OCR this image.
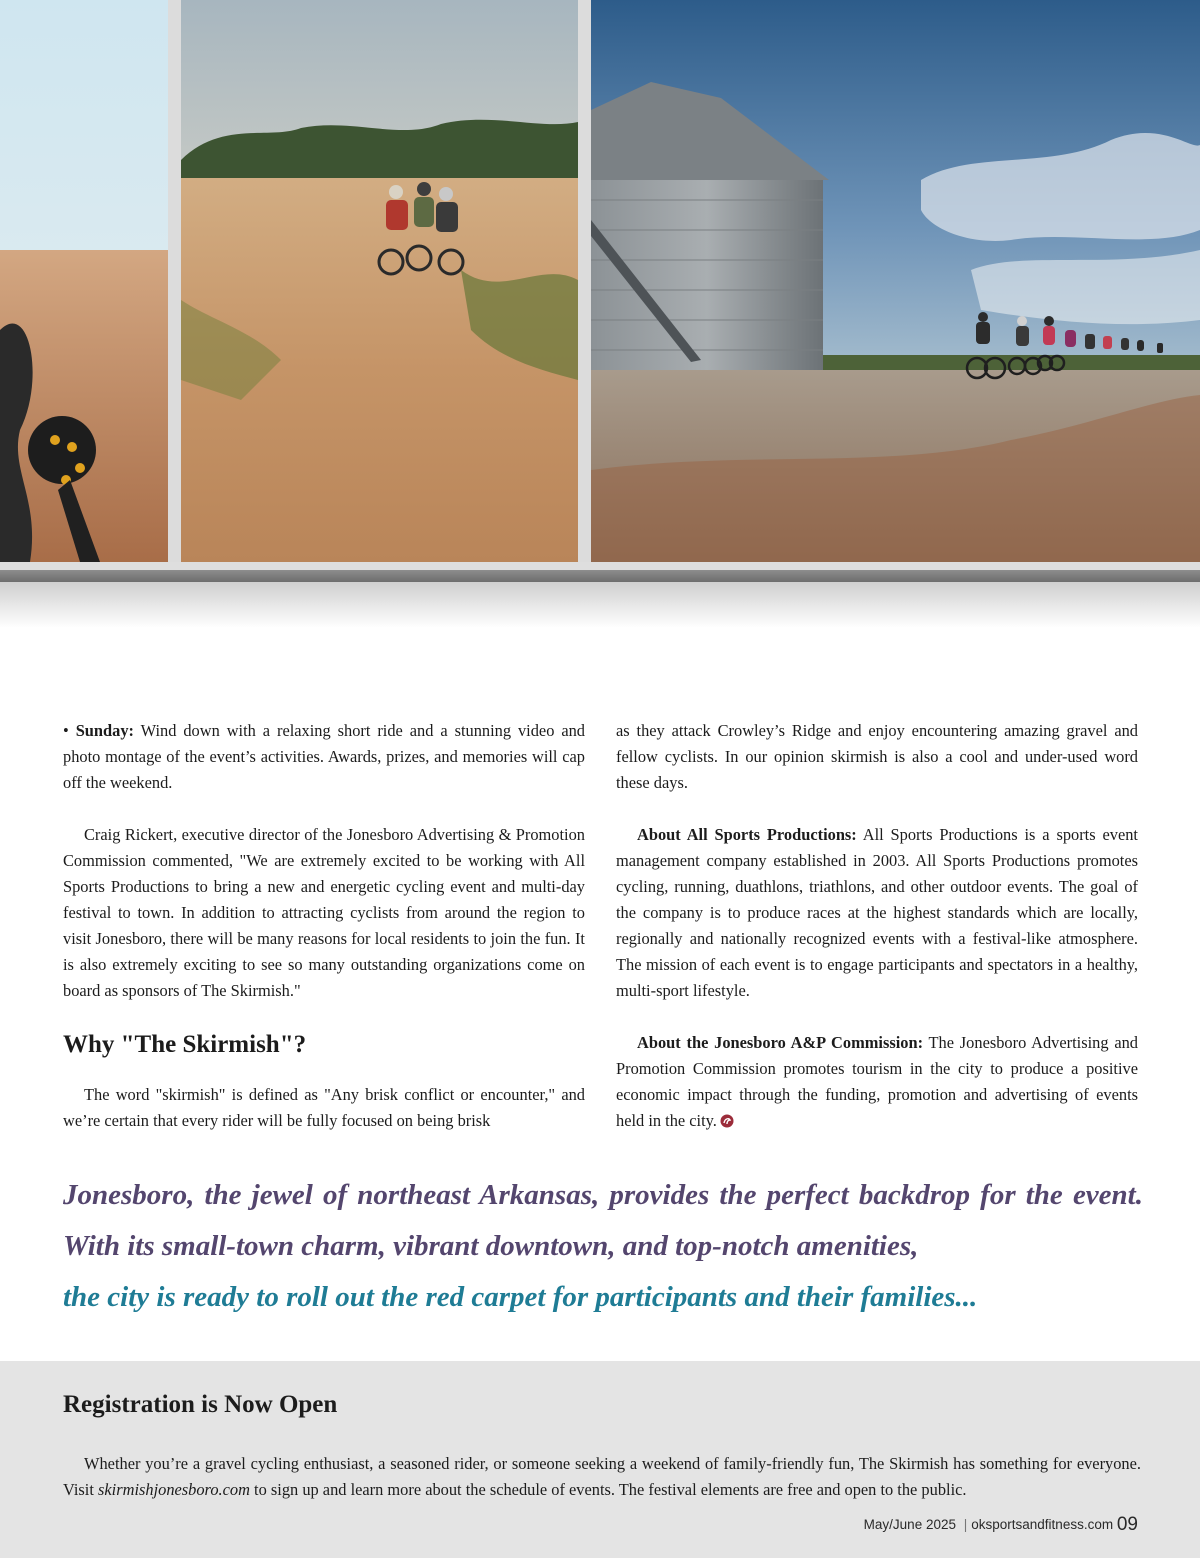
• Sunday: Wind down with a relaxing short ride and a stunning video and photo montage of the event’s activities. Awards, prizes, and memories will cap off the weekend.

Craig Rickert, executive director of the Jonesboro Advertising & Promotion Commission commented, "We are extremely excited to be working with All Sports Productions to bring a new and energetic cycling event and multi-day festival to town. In addition to attracting cyclists from around the region to visit Jonesboro, there will be many reasons for local residents to join the fun. It is also extremely exciting to see so many outstanding organizations come on board as sponsors of The Skirmish."

Why "The Skirmish"?

The word "skirmish" is defined as "Any brisk conflict or encounter," and we’re certain that every rider will be fully focused on being brisk

as they attack Crowley’s Ridge and enjoy encountering amazing gravel and fellow cyclists. In our opinion skirmish is also a cool and under-used word these days.

About All Sports Productions: All Sports Productions is a sports event management company established in 2003. All Sports Productions promotes cycling, running, duathlons, triathlons, and other outdoor events. The goal of the company is to produce races at the highest standards which are locally, regionally and nationally recognized events with a festival-like atmosphere. The mission of each event is to engage participants and spectators in a healthy, multi-sport lifestyle.

About the Jonesboro A&P Commission: The Jonesboro Advertising and Promotion Commission promotes tourism in the city to produce a positive economic impact through the funding, promotion and advertising of events held in the city.

Jonesboro, the jewel of northeast Arkansas, provides the perfect backdrop for the event. With its small-town charm, vibrant downtown, and top-notch amenities,
the city is ready to roll out the red carpet for participants and their families...
Registration is Now Open

Whether you’re a gravel cycling enthusiast, a seasoned rider, or someone seeking a weekend of family-friendly fun, The Skirmish has something for everyone. Visit skirmishjonesboro.com to sign up and learn more about the schedule of events. The festival elements are free and open to the public.

May/June 2025 | oksportsandfitness.com 09
